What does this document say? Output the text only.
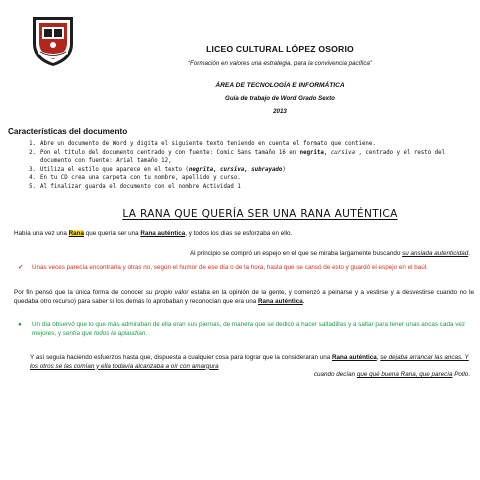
LICEO CULTURAL LÓPEZ OSORIO
“Formación en valores una estrategia, para la convivencia pacífica”
ÁREA DE TECNOLOGÍA E INFORMÁTICA
Guía de trabajo de Word Grado Sexto
2013
Características del documento
1. Abre un documento de Word y digita el siguiente texto teniendo en cuenta el formato que contiene.
2. Pon el título del documento centrado y con fuente: Comic Sans tamaño 16 en negrita, cursiva , centrado y el resto del documento con fuente: Arial tamaño 12,
3. Utiliza el estilo que aparece en el texto (negrita, cursiva, subrayado)
4. En tu CD crea una carpeta con tu nombre, apellido y curso.
5. Al finalizar guarda el documento con el nombre Actividad 1
LA RANA QUE QUERÍA SER UNA RANA AUTÉNTICA
Había una vez una Rana que quería ser una Rana auténtica, y todos los días se esforzaba en ello.
Al principio se compró un espejo en el que se miraba largamente buscando su ansiada autenticidad.
✓ Unas veces parecía encontrarla y otras no, según el humor de ese día o de la hora, hasta que se cansó de esto y guardó el espejo en el baúl.
Por fin pensó que la única forma de conocer su propio valor estaba en la opinión de la gente, y comenzó a peinarse y a vestirse y a desvestirse cuando no le quedaba otro recurso) para saber si los demás lo aprobaban y reconocían que era una Rana auténtica.
● Un día observó que lo que más admiraban de ella eran sus piernas, de manera que se dedicó a hacer saltadillas y a saltar para tener unas ancas cada vez mejores, y sentía que todos la aplaudían.
Y así seguía haciendo esfuerzos hasta que, dispuesta a cualquier cosa para lograr que la consideraran una Rana auténtica, se dejaba arrancar las ancas. Y los otros se las comían y ella todavía alcanzaba a oír con amargura
cuando decían que qué buena Rana, que parecía Pollo.
